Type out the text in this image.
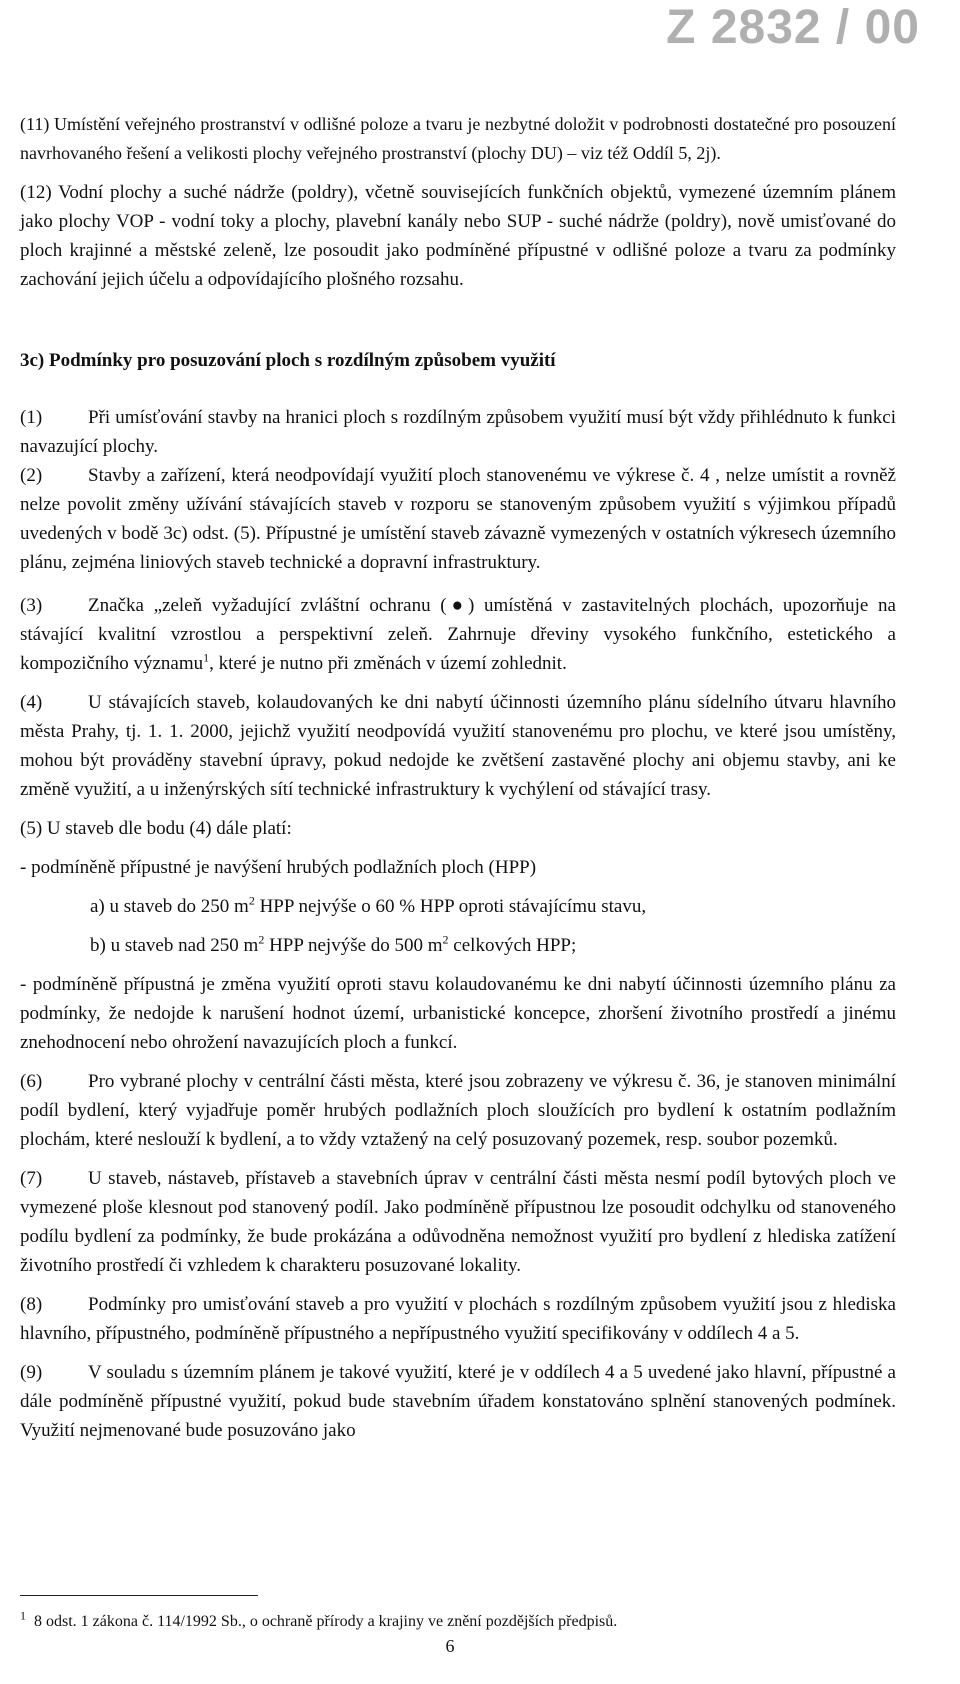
Z 2832 / 00

(11) Umístění veřejného prostranství v odlišné poloze a tvaru je nezbytné doložit v podrobnosti dostatečné pro posouzení navrhovaného řešení a velikosti plochy veřejného prostranství (plochy DU) – viz též Oddíl 5, 2j).

(12) Vodní plochy a suché nádrže (poldry), včetně souvisejících funkčních objektů, vymezené územním plánem jako plochy VOP - vodní toky a plochy, plavební kanály nebo SUP - suché nádrže (poldry), nově umisťované do ploch krajinné a městské zeleně, lze posoudit jako podmíněné přípustné v odlišné poloze a tvaru za podmínky zachování jejich účelu a odpovídajícího plošného rozsahu.

3c) Podmínky pro posuzování ploch s rozdílným způsobem využití

(1) Při umísťování stavby na hranici ploch s rozdílným způsobem využití musí být vždy přihlédnuto k funkci navazující plochy.

(2) Stavby a zařízení, která neodpovídají využití ploch stanovenému ve výkrese č. 4 , nelze umístit a rovněž nelze povolit změny užívání stávajících staveb v rozporu se stanoveným způsobem využití s výjimkou případů uvedených v bodě 3c) odst. (5). Přípustné je umístění staveb závazně vymezených v ostatních výkresech územního plánu, zejména liniových staveb technické a dopravní infrastruktury.

(3) Značka „zeleň vyžadující zvláštní ochranu (●) umístěná v zastavitelných plochách, upozorňuje na stávající kvalitní vzrostlou a perspektivní zeleň. Zahrnuje dřeviny vysokého funkčního, estetického a kompozičního významu$^1$, které je nutno při změnách v území zohlednit.

(4) U stávajících staveb, kolaudovaných ke dni nabytí účinnosti územního plánu sídelního útvaru hlavního města Prahy, tj. 1. 1. 2000, jejichž využití neodpovídá využití stanovenému pro plochu, ve které jsou umístěny, mohou být prováděny stavební úpravy, pokud nedojde ke zvětšení zastavěné plochy ani objemu stavby, ani ke změně využití, a u inženýrských sítí technické infrastruktury k vychýlení od stávající trasy.

(5) U staveb dle bodu (4) dále platí:

- podmíněně přípustné je navýšení hrubých podlažních ploch (HPP)

a) u staveb do 250 $m^2$ HPP nejvýše o 60 % HPP oproti stávajícímu stavu,

b) u staveb nad 250 $m^2$ HPP nejvýše do 500 $m^2$ celkových HPP;

- podmíněně přípustná je změna využití oproti stavu kolaudovanému ke dni nabytí účinnosti územního plánu za podmínky, že nedojde k narušení hodnot území, urbanistické koncepce, zhoršení životního prostředí a jinému znehodnocení nebo ohrožení navazujících ploch a funkcí.

(6) Pro vybrané plochy v centrální části města, které jsou zobrazeny ve výkresu č. 36, je stanoven minimální podíl bydlení, který vyjadřuje poměr hrubých podlažních ploch sloužících pro bydlení k ostatním podlažním plochám, které neslouží k bydlení, a to vždy vztažený na celý posuzovaný pozemek, resp. soubor pozemků.

(7) U staveb, nástaveb, přístaveb a stavebních úprav v centrální části města nesmí podíl bytových ploch ve vymezené ploše klesnout pod stanovený podíl. Jako podmíněně přípustnou lze posoudit odchylku od stanoveného podílu bydlení za podmínky, že bude prokázána a odůvodněna nemožnost využití pro bydlení z hlediska zatížení životního prostředí či vzhledem k charakteru posuzované lokality.

(8) Podmínky pro umisťování staveb a pro využití v plochách s rozdílným způsobem využití jsou z hlediska hlavního, přípustného, podmíněně přípustného a nepřípustného využití specifikovány v oddílech 4 a 5.

(9) V souladu s územním plánem je takové využití, které je v oddílech 4 a 5 uvedené jako hlavní, přípustné a dále podmíněně přípustné využití, pokud bude stavebním úřadem konstatováno splnění stanovených podmínek. Využití nejmenované bude posuzováno jako

$^1$ 8 odst. 1 zákona č. 114/1992 Sb., o ochraně přírody a krajiny ve znění pozdějších předpisů.
6
